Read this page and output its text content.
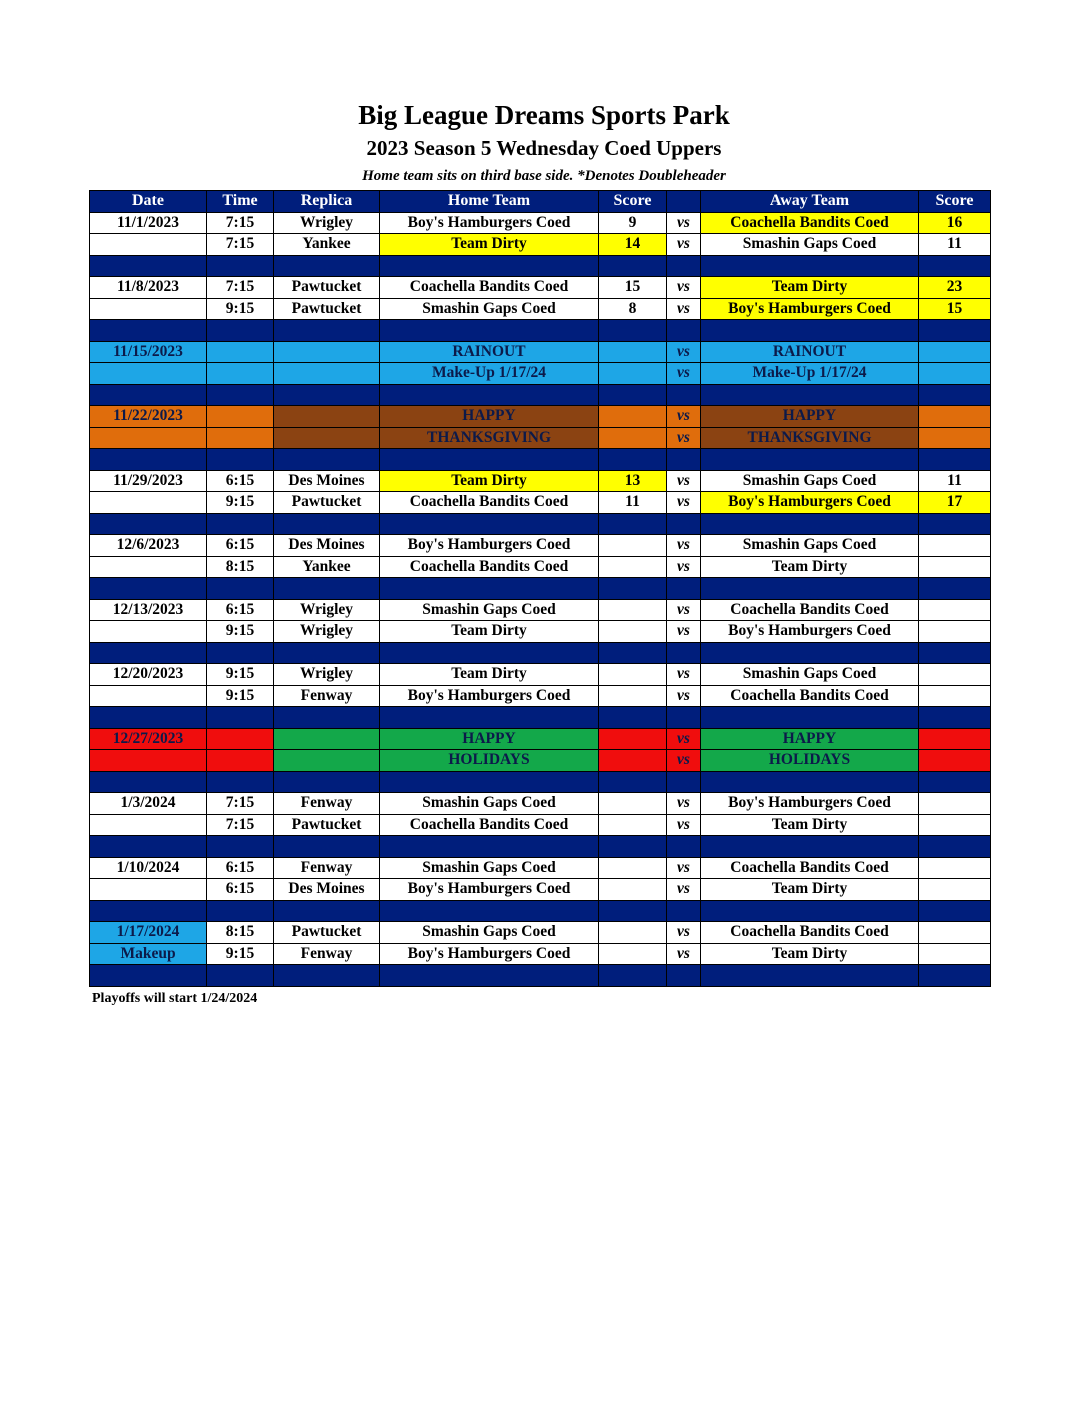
Big League Dreams Sports Park
2023 Season 5 Wednesday Coed Uppers
Home team sits on third base side. *Denotes Doubleheader
Date	Time	Replica	Home Team	Score		Away Team	Score
11/1/2023	7:15	Wrigley	Boy's Hamburgers Coed	9	vs	Coachella Bandits Coed	16
	7:15	Yankee	Team Dirty	14	vs	Smashin Gaps Coed	11

11/8/2023	7:15	Pawtucket	Coachella Bandits Coed	15	vs	Team Dirty	23
	9:15	Pawtucket	Smashin Gaps Coed	8	vs	Boy's Hamburgers Coed	15

11/15/2023			RAINOUT		vs	RAINOUT	
			Make-Up 1/17/24		vs	Make-Up 1/17/24	

11/22/2023			HAPPY		vs	HAPPY	
			THANKSGIVING		vs	THANKSGIVING	

11/29/2023	6:15	Des Moines	Team Dirty	13	vs	Smashin Gaps Coed	11
	9:15	Pawtucket	Coachella Bandits Coed	11	vs	Boy's Hamburgers Coed	17

12/6/2023	6:15	Des Moines	Boy's Hamburgers Coed		vs	Smashin Gaps Coed	
	8:15	Yankee	Coachella Bandits Coed		vs	Team Dirty	

12/13/2023	6:15	Wrigley	Smashin Gaps Coed		vs	Coachella Bandits Coed	
	9:15	Wrigley	Team Dirty		vs	Boy's Hamburgers Coed	

12/20/2023	9:15	Wrigley	Team Dirty		vs	Smashin Gaps Coed	
	9:15	Fenway	Boy's Hamburgers Coed		vs	Coachella Bandits Coed	

12/27/2023			HAPPY		vs	HAPPY	
			HOLIDAYS		vs	HOLIDAYS	

1/3/2024	7:15	Fenway	Smashin Gaps Coed		vs	Boy's Hamburgers Coed	
	7:15	Pawtucket	Coachella Bandits Coed		vs	Team Dirty	

1/10/2024	6:15	Fenway	Smashin Gaps Coed		vs	Coachella Bandits Coed	
	6:15	Des Moines	Boy's Hamburgers Coed		vs	Team Dirty	

1/17/2024	8:15	Pawtucket	Smashin Gaps Coed		vs	Coachella Bandits Coed	
Makeup	9:15	Fenway	Boy's Hamburgers Coed		vs	Team Dirty	

Playoffs will start 1/24/2024
